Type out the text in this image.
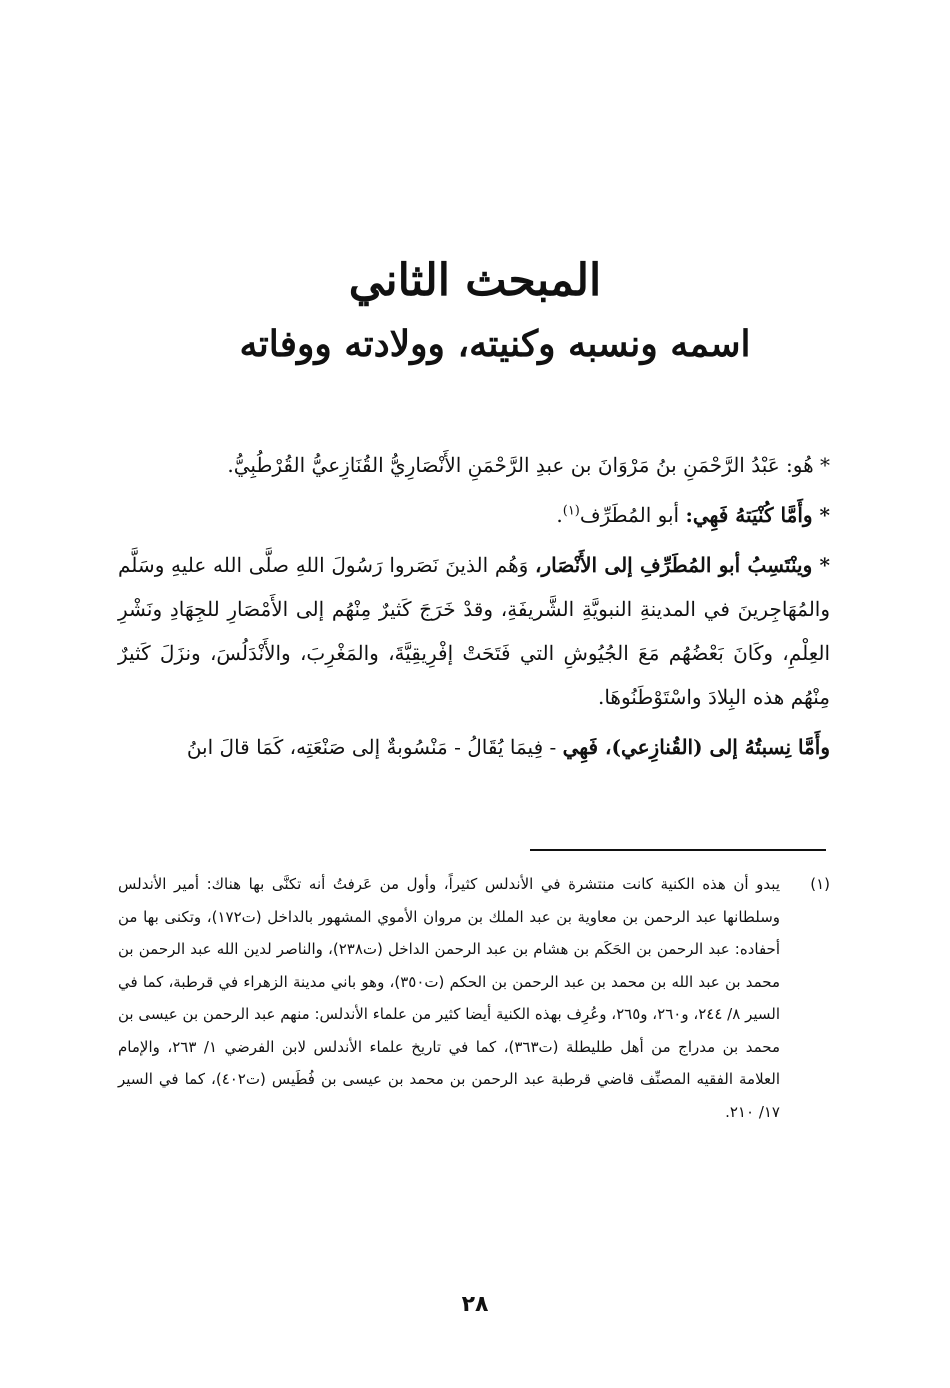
المبحث الثاني
اسمه ونسبه وكنيته، وولادته ووفاته

* هُو: عَبْدُ الرَّحْمَنِ بنُ مَرْوَانَ بن عبدِ الرَّحْمَنِ الأَنْصَارِيُّ القُنَازِعيُّ القُرْطُبِيُّ.

* وأَمَّا كُنْيَتهُ فَهِي: أبو المُطَرِّف$^{(١)}$.

* وينْتَسِبُ أبو المُطَرِّفِ إلى الأَنْصَار، وَهُم الذينَ نَصَروا رَسُولَ اللهِ صلَّى الله عليهِ وسَلَّم والمُهَاجِرينَ في المدينةِ النبويَّةِ الشَّريفَةِ، وقدْ خَرَجَ كَثيرٌ مِنْهُم إلى الأَمْصَارِ للجِهَادِ ونَشْرِ العِلْمِ، وكَانَ بَعْضُهُم مَعَ الجُيُوشِ التي فَتَحَتْ إفْرِيقِيَّةَ، والمَغْرِبَ، والأَنْدَلُسَ، ونزَلَ كَثيرٌ مِنْهُم هذه البِلادَ واسْتَوْطَنُوهَا.

وأَمَّا نِسبتُهُ إلى (القُنازِعي)، فَهِي - فِيمَا يُقَالُ - مَنْسُوبةٌ إلى صَنْعَتِه، كَمَا قالَ ابنُ

(١)
يبدو أن هذه الكنية كانت منتشرة في الأندلس كثيراً، وأول من عَرفتُ أنه تكنَّى بها هناك: أمير الأندلس وسلطانها عبد الرحمن بن معاوية بن عبد الملك بن مروان الأموي المشهور بالداخل (ت١٧٢)، وتكنى بها من أحفاده: عبد الرحمن بن الحَكَم بن هشام بن عبد الرحمن الداخل (ت٢٣٨)، والناصر لدين الله عبد الرحمن بن محمد بن عبد الله بن محمد بن عبد الرحمن بن الحكم (ت٣٥٠)، وهو باني مدينة الزهراء في قرطبة، كما في السير ٨/ ٢٤٤، و٢٦٠، و٢٦٥، وعُرِف بهذه الكنية أيضا كثير من علماء الأندلس: منهم عبد الرحمن بن عيسى بن محمد بن مدراج من أهل طليطلة (ت٣٦٣)، كما في تاريخ علماء الأندلس لابن الفرضي ١/ ٢٦٣، والإمام العلامة الفقيه المصنِّف قاضي قرطبة عبد الرحمن بن محمد بن عيسى بن فُطَيس (ت٤٠٢)، كما في السير ١٧/ ٢١٠.
٢٨
